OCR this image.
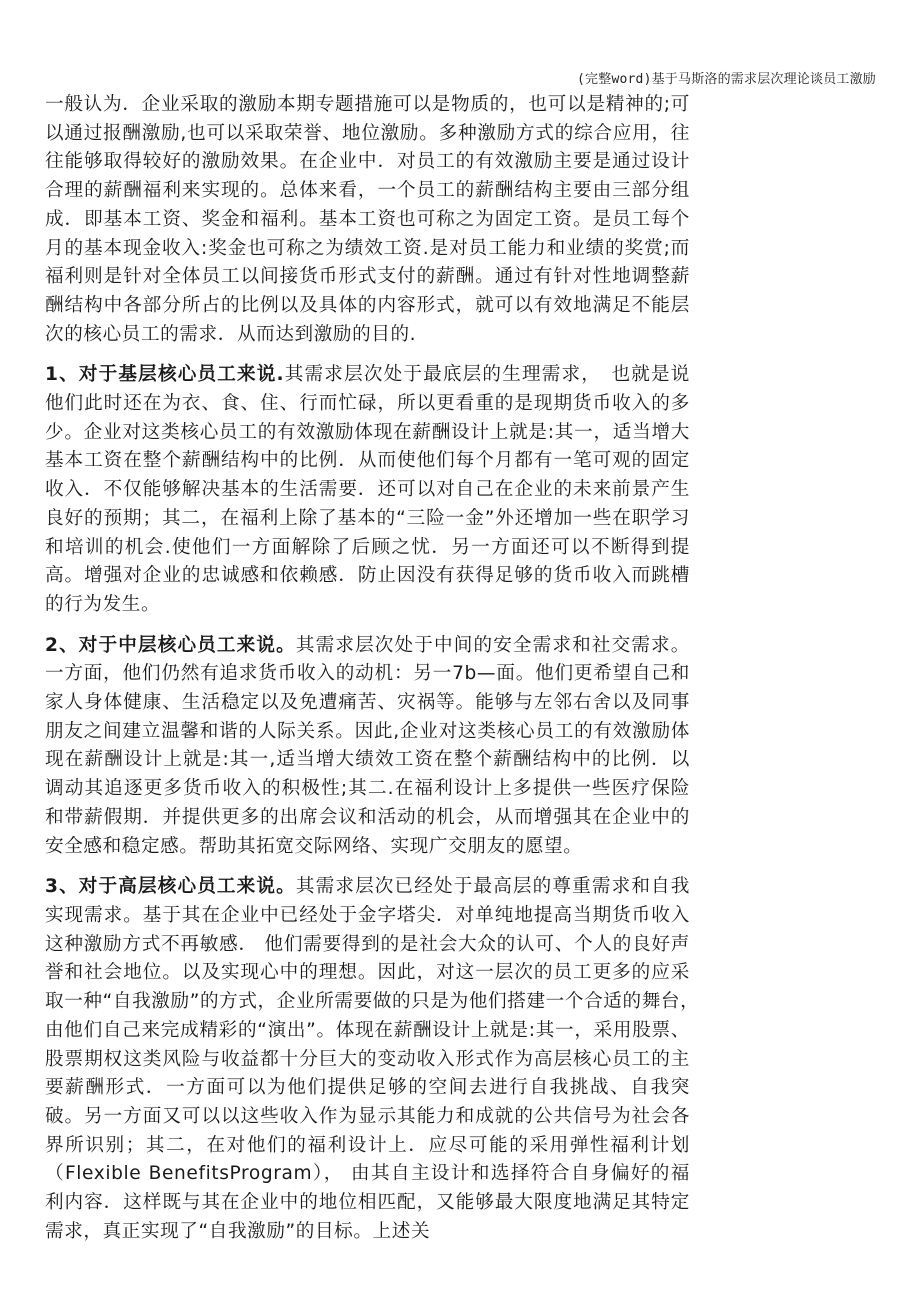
(完整word)基于马斯洛的需求层次理论谈员工激励

一般认为．企业采取的激励本期专题措施可以是物质的，也可以是精神的;可以通过报酬激励,也可以采取荣誉、地位激励。多种激励方式的综合应用，往往能够取得较好的激励效果。在企业中．对员工的有效激励主要是通过设计合理的薪酬福利来实现的。总体来看，一个员工的薪酬结构主要由三部分组成．即基本工资、奖金和福利。基本工资也可称之为固定工资。是员工每个月的基本现金收入:奖金也可称之为绩效工资.是对员工能力和业绩的奖赏;而福利则是针对全体员工以间接货币形式支付的薪酬。通过有针对性地调整薪酬结构中各部分所占的比例以及具体的内容形式，就可以有效地满足不能层次的核心员工的需求．从而达到激励的目的.

1、对于基层核心员工来说.其需求层次处于最底层的生理需求，　也就是说他们此时还在为衣、食、住、行而忙碌，所以更看重的是现期货币收入的多少。企业对这类核心员工的有效激励体现在薪酬设计上就是:其一，适当增大基本工资在整个薪酬结构中的比例．从而使他们每个月都有一笔可观的固定收入．不仅能够解决基本的生活需要．还可以对自己在企业的未来前景产生良好的预期；其二，在福利上除了基本的“三险一金”外还增加一些在职学习和培训的机会.使他们一方面解除了后顾之忧．另一方面还可以不断得到提高。增强对企业的忠诚感和依赖感．防止因没有获得足够的货币收入而跳槽的行为发生。

2、对于中层核心员工来说。其需求层次处于中间的安全需求和社交需求。一方面，他们仍然有追求货币收入的动机：另一7b—面。他们更希望自己和家人身体健康、生活稳定以及免遭痛苦、灾祸等。能够与左邻右舍以及同事朋友之间建立温馨和谐的人际关系。因此,企业对这类核心员工的有效激励体现在薪酬设计上就是:其一,适当增大绩效工资在整个薪酬结构中的比例．以调动其追逐更多货币收入的积极性;其二.在福利设计上多提供一些医疗保险和带薪假期．并提供更多的出席会议和活动的机会，从而增强其在企业中的安全感和稳定感。帮助其拓宽交际网络、实现广交朋友的愿望。

3、对于高层核心员工来说。其需求层次已经处于最高层的尊重需求和自我实现需求。基于其在企业中已经处于金字塔尖．对单纯地提高当期货币收入这种激励方式不再敏感． 他们需要得到的是社会大众的认可、个人的良好声誉和社会地位。以及实现心中的理想。因此，对这一层次的员工更多的应采取一种“自我激励”的方式，企业所需要做的只是为他们搭建一个合适的舞台，　由他们自己来完成精彩的“演出”。体现在薪酬设计上就是:其一，采用股票、股票期权这类风险与收益都十分巨大的变动收入形式作为高层核心员工的主要薪酬形式．一方面可以为他们提供足够的空间去进行自我挑战、自我突破。另一方面又可以以这些收入作为显示其能力和成就的公共信号为社会各界所识别；其二，在对他们的福利设计上．应尽可能的采用弹性福利计划（Flexible BenefitsProgram）， 由其自主设计和选择符合自身偏好的福利内容．这样既与其在企业中的地位相匹配，又能够最大限度地满足其特定需求，真正实现了“自我激励”的目标。上述关
